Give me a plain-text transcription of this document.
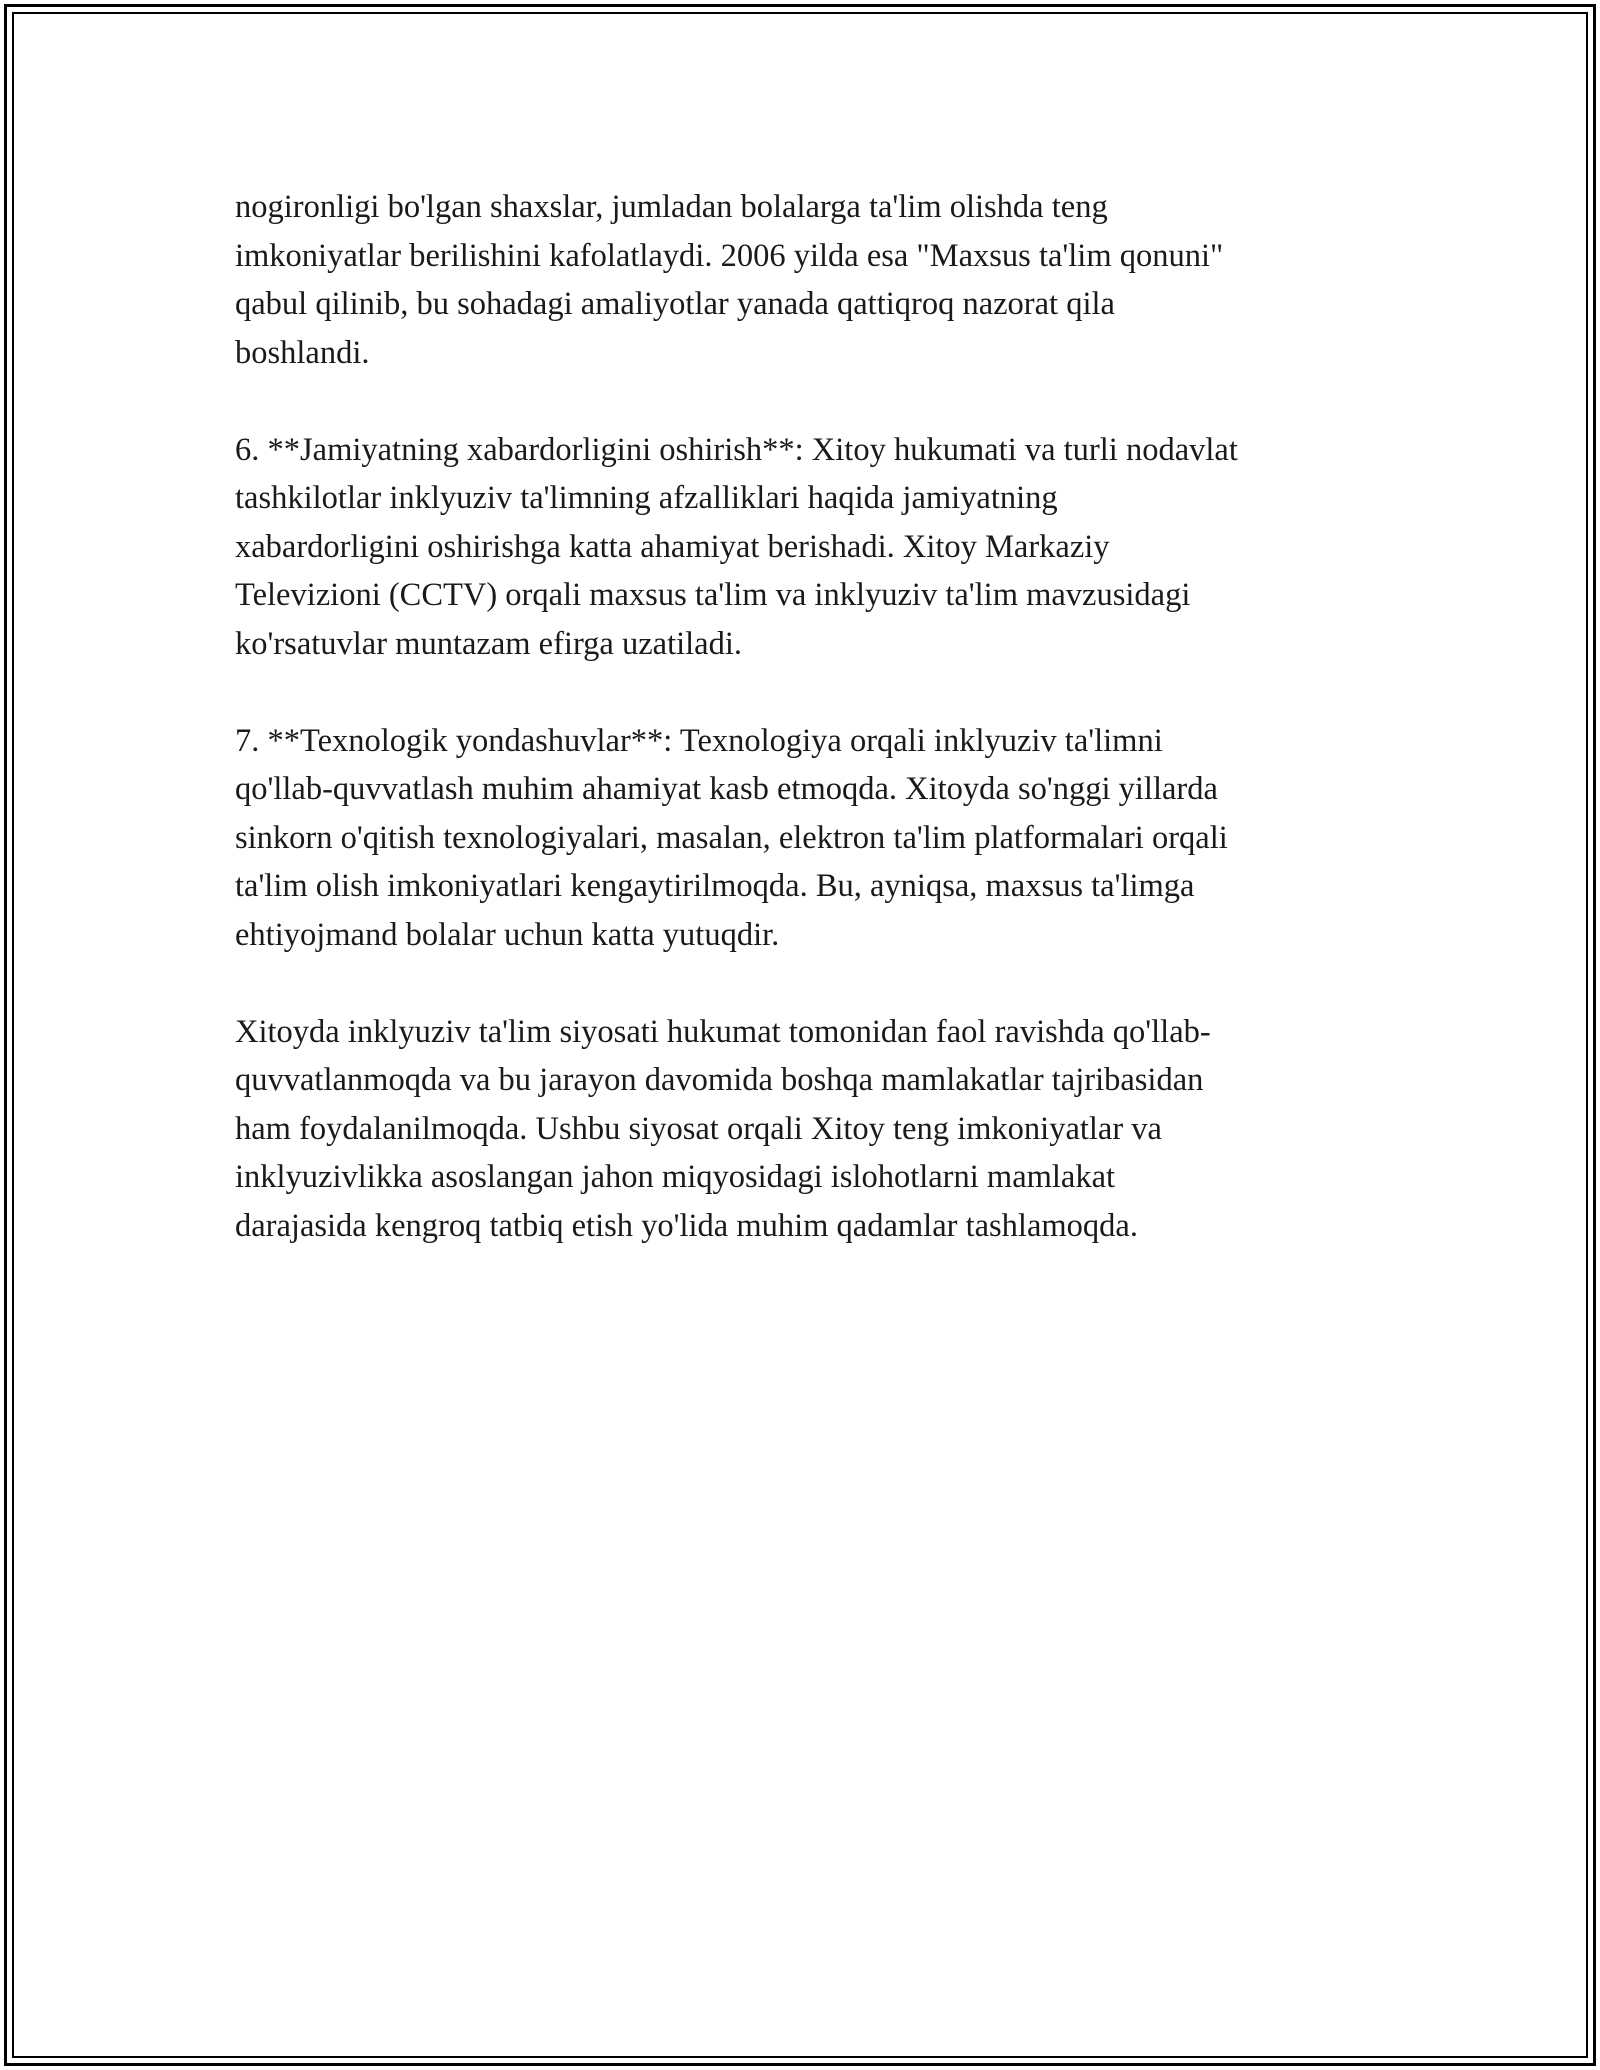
nogironligi bo'lgan shaxslar, jumladan bolalarga ta'lim olishda teng
imkoniyatlar berilishini kafolatlaydi. 2006 yilda esa "Maxsus ta'lim qonuni"
qabul qilinib, bu sohadagi amaliyotlar yanada qattiqroq nazorat qila
boshlandi.

6. **Jamiyatning xabardorligini oshirish**: Xitoy hukumati va turli nodavlat
tashkilotlar inklyuziv ta'limning afzalliklari haqida jamiyatning
xabardorligini oshirishga katta ahamiyat berishadi. Xitoy Markaziy
Televizioni (CCTV) orqali maxsus ta'lim va inklyuziv ta'lim mavzusidagi
ko'rsatuvlar muntazam efirga uzatiladi.

7. **Texnologik yondashuvlar**: Texnologiya orqali inklyuziv ta'limni
qo'llab-quvvatlash muhim ahamiyat kasb etmoqda. Xitoyda so'nggi yillarda
sinkorn o'qitish texnologiyalari, masalan, elektron ta'lim platformalari orqali
ta'lim olish imkoniyatlari kengaytirilmoqda. Bu, ayniqsa, maxsus ta'limga
ehtiyojmand bolalar uchun katta yutuqdir.

Xitoyda inklyuziv ta'lim siyosati hukumat tomonidan faol ravishda qo'llab-
quvvatlanmoqda va bu jarayon davomida boshqa mamlakatlar tajribasidan
ham foydalanilmoqda. Ushbu siyosat orqali Xitoy teng imkoniyatlar va
inklyuzivlikka asoslangan jahon miqyosidagi islohotlarni mamlakat
darajasida kengroq tatbiq etish yo'lida muhim qadamlar tashlamoqda.
